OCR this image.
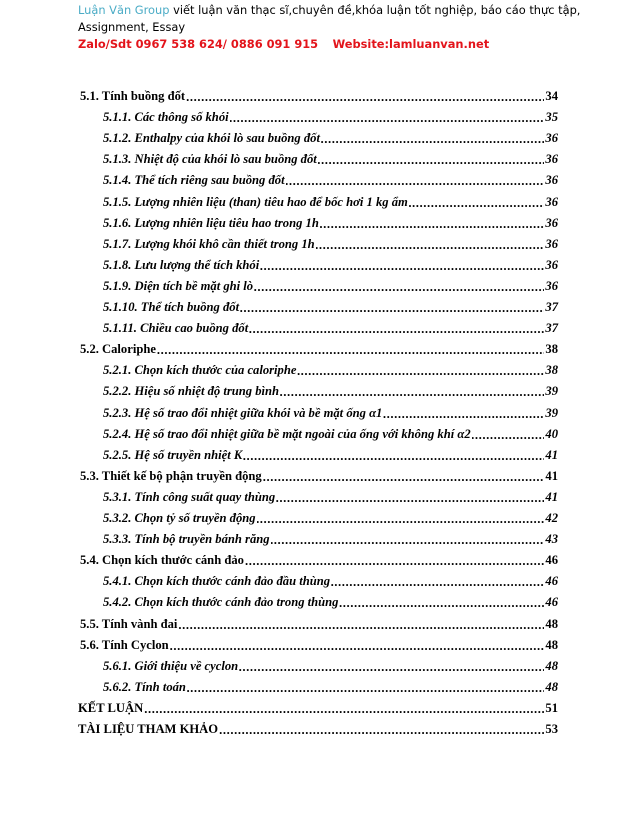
Luận Văn Group viết luận văn thạc sĩ,chuyên đề,khóa luận tốt nghiệp, báo cáo thực tập,
Assignment, Essay
Zalo/Sdt 0967 538 624/ 0886 091 915 Website:lamluanvan.net
5.1. Tính buồng đốt .....	34
5.1.1. Các thông số khói .....	35
5.1.2. Enthalpy của khói lò sau buồng đốt .....	36
5.1.3. Nhiệt độ của khói lò sau buồng đốt .....	36
5.1.4. Thể tích riêng sau buồng đốt .....	36
5.1.5. Lượng nhiên liệu (than) tiêu hao để bốc hơi 1 kg ẩm .....	36
5.1.6. Lượng nhiên liệu tiêu hao trong 1h .....	36
5.1.7. Lượng khói khô cần thiết trong 1h .....	36
5.1.8. Lưu lượng thể tích khói .....	36
5.1.9. Diện tích bề mặt ghi lò .....	36
5.1.10. Thể tích buồng đốt .....	37
5.1.11. Chiều cao buồng đốt .....	37
5.2. Caloriphe .....	38
5.2.1. Chọn kích thước của caloriphe .....	38
5.2.2. Hiệu số nhiệt độ trung bình .....	39
5.2.3. Hệ số trao đổi nhiệt giữa khói và bề mặt ống α1 .....	39
5.2.4. Hệ số trao đổi nhiệt giữa bề mặt ngoài của ống với không khí α2 .....	40
5.2.5. Hệ số truyền nhiệt K .....	41
5.3. Thiết kế bộ phận truyền động .....	41
5.3.1. Tính công suất quay thùng .....	41
5.3.2. Chọn tỷ số truyền động .....	42
5.3.3. Tính bộ truyền bánh răng .....	43
5.4. Chọn kích thước cánh đảo .....	46
5.4.1. Chọn kích thước cánh đảo đầu thùng .....	46
5.4.2. Chọn kích thước cánh đảo trong thùng .....	46
5.5. Tính vành đai .....	48
5.6. Tính Cyclon .....	48
5.6.1. Giới thiệu về cyclon .....	48
5.6.2. Tính toán .....	48
KẾT LUẬN .....	51
TÀI LIỆU THAM KHẢO .....	53
